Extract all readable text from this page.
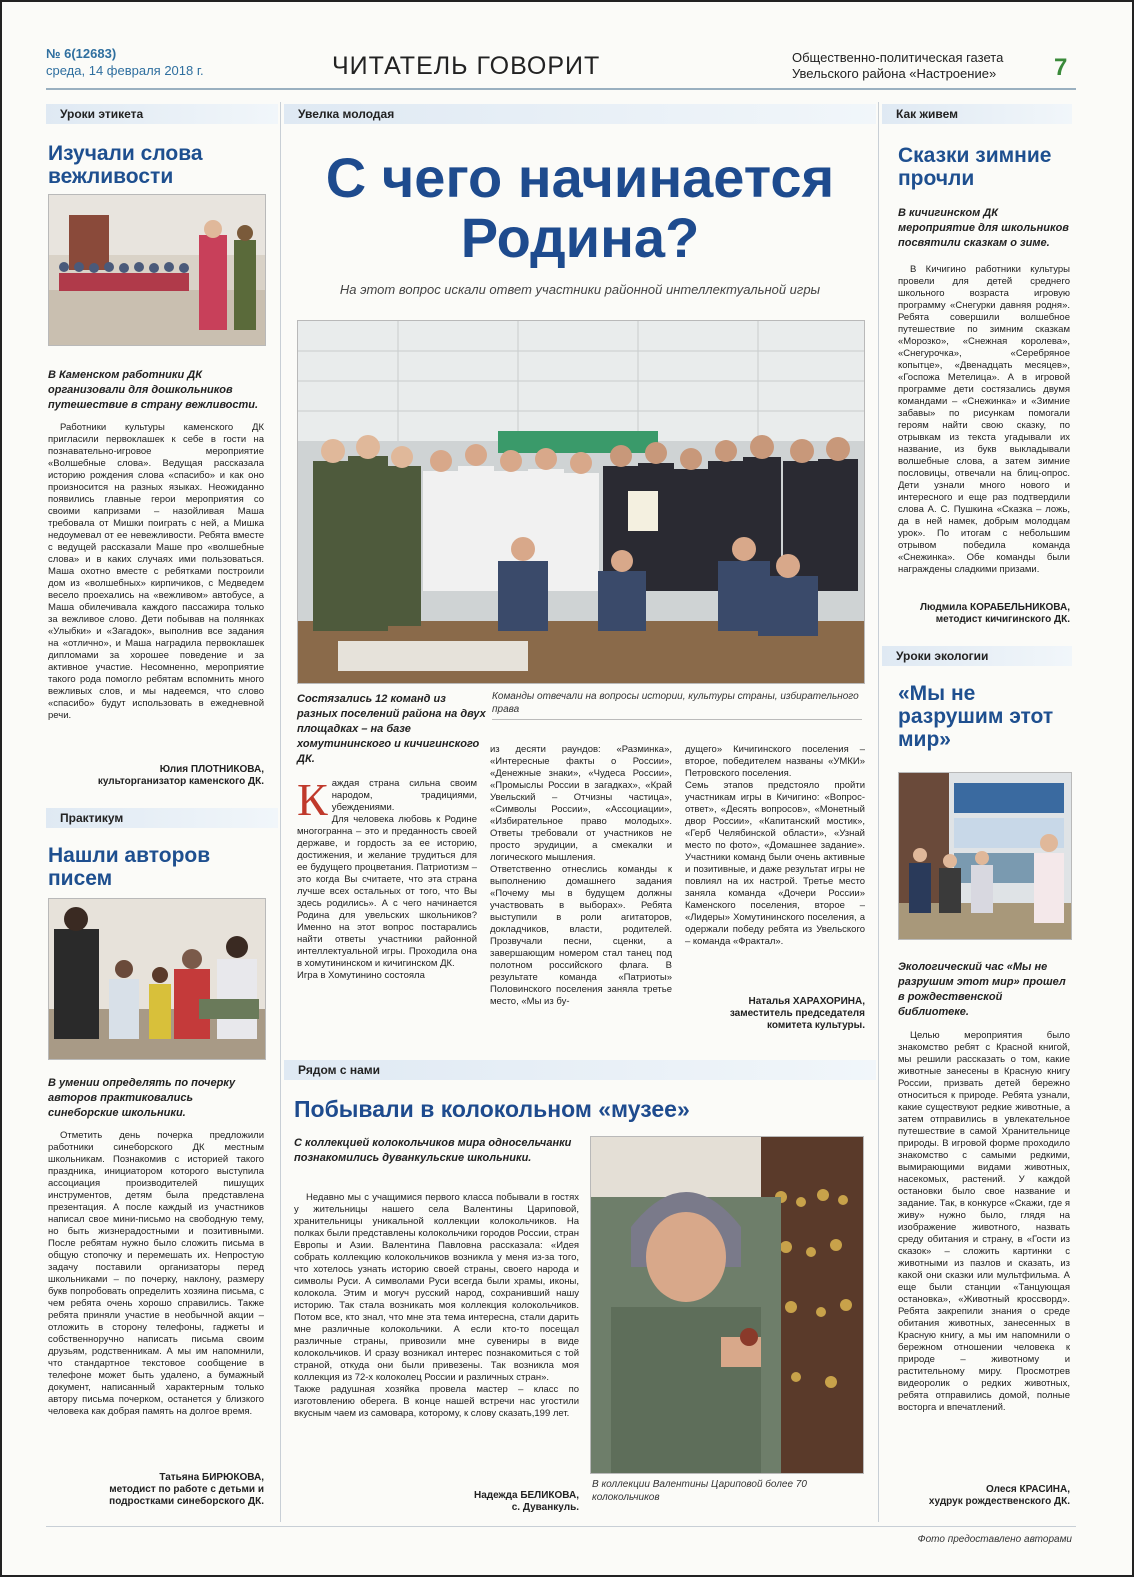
№ 6(12683)
среда, 14 февраля 2018 г.	ЧИТАТЕЛЬ ГОВОРИТ	Общественно-политическая газета
Увельского района «Настроение» 7
Уроки этикета
Изучали слова вежливости
В Каменском работники ДК организовали для дошкольников путешествие в страну вежливости.
Работники культуры каменского ДК пригласили первоклашек к себе в гости на познавательно-игровое мероприятие «Волшебные слова». Ведущая рассказала историю рождения слова «спасибо» и как оно произносится на разных языках. Неожиданно появились главные герои мероприятия со своими капризами – назойливая Маша требовала от Мишки поиграть с ней, а Мишка недоумевал от ее невежливости. Ребята вместе с ведущей рассказали Маше про «волшебные слова» и в каких случаях ими пользоваться. Маша охотно вместе с ребятками построили дом из «волшебных» кирпичиков, с Медведем весело проехались на «вежливом» автобусе, а Маша обилечивала каждого пассажира только за вежливое слово. Дети побывав на полянках «Улыбки» и «Загадок», выполнив все задания на «отлично», и Маша наградила первоклашек дипломами за хорошее поведение и за активное участие. Несомненно, мероприятие такого рода помогло ребятам вспомнить много вежливых слов, и мы надеемся, что слово «спасибо» будут использовать в ежедневной речи.
Юлия ПЛОТНИКОВА,
культорганизатор каменского ДК.
Практикум
Нашли авторов писем
В умении определять по почерку авторов практиковались синеборские школьники.
Отметить день почерка предложили работники синеборского ДК местным школьникам. Познакомив с историей такого праздника, инициатором которого выступила ассоциация производителей пишущих инструментов, детям была представлена презентация. А после каждый из участников написал свое мини-письмо на свободную тему, но быть жизнерадостными и позитивными. После ребятам нужно было сложить письма в общую стопочку и перемешать их. Непростую задачу поставили организаторы перед школьниками – по почерку, наклону, размеру букв попробовать определить хозяина письма, с чем ребята очень хорошо справились. Также ребята приняли участие в необычной акции – отложить в сторону телефоны, гаджеты и собственноручно написать письма своим друзьям, родственникам. А мы им напомнили, что стандартное текстовое сообщение в телефоне может быть удалено, а бумажный документ, написанный характерным только автору письма почерком, останется у близкого человека как добрая память на долгое время.
Татьяна БИРЮКОВА,
методист по работе с детьми и подростками синеборского ДК.
Увелка молодая
С чего начинается Родина?
На этот вопрос искали ответ участники районной интеллектуальной игры
Состязались 12 команд из разных поселений района на двух площадках – на базе хомутининского и кичигинского ДК.
Команды отвечали на вопросы истории, культуры страны, избирательного права
Каждая страна сильна своим народом, традициями, убеждениями.
Для человека любовь к Родине многогранна – это и преданность своей державе, и гордость за ее историю, достижения, и желание трудиться для ее будущего процветания. Патриотизм – это когда Вы считаете, что эта страна лучше всех остальных от того, что Вы здесь родились». А с чего начинается Родина для увельских школьников? Именно на этот вопрос постарались найти ответы участники районной интеллектуальной игры. Проходила она в хомутининском и кичигинском ДК.
Игра в Хомутинино состояла
из десяти раундов: «Разминка», «Интересные факты о России», «Денежные знаки», «Чудеса России», «Промыслы России в загадках», «Край Увельский – Отчизны частица», «Символы России», «Ассоциации», «Избирательное право молодых». Ответы требовали от участников не просто эрудиции, а смекалки и логического мышления.
Ответственно отнеслись команды к выполнению домашнего задания «Почему мы в будущем должны участвовать в выборах». Ребята выступили в роли агитаторов, докладчиков, власти, родителей. Прозвучали песни, сценки, а завершающим номером стал танец под полотном российского флага. В результате команда «Патриоты» Половинского поселения заняла третье место, «Мы из бу-
дущего» Кичигинского поселения – второе, победителем названы «УМКИ» Петровского поселения.
Семь этапов предстояло пройти участникам игры в Кичигино: «Вопрос-ответ», «Десять вопросов», «Монетный двор России», «Капитанский мостик», «Герб Челябинской области», «Узнай место по фото», «Домашнее задание». Участники команд были очень активные и позитивные, и даже результат игры не повлиял на их настрой. Третье место заняла команда «Дочери России» Каменского поселения, второе – «Лидеры» Хомутининского поселения, а одержали победу ребята из Увельского – команда «Фрактал».
Наталья ХАРАХОРИНА,
заместитель председателя комитета культуры.
Рядом с нами
Побывали в колокольном «музее»
С коллекцией колокольчиков мира односельчанки познакомились дуванкульские школьники.
Недавно мы с учащимися первого класса побывали в гостях у жительницы нашего села Валентины Цариповой, хранительницы уникальной коллекции колокольчиков. На полках были представлены колокольчики городов России, стран Европы и Азии. Валентина Павловна рассказала: «Идея собрать коллекцию колокольчиков возникла у меня из-за того, что хотелось узнать историю своей страны, своего народа и символы Руси. А символами Руси всегда были храмы, иконы, колокола. Этим и могуч русский народ, сохранивший нашу историю. Так стала возникать моя коллекция колокольчиков. Потом все, кто знал, что мне эта тема интересна, стали дарить мне различные колокольчики. А если кто-то посещал различные страны, привозили мне сувениры в виде колокольчиков. И сразу возникал интерес познакомиться с той страной, откуда они были привезены. Так возникла моя коллекция из 72-х колоколец России и различных стран».
Также радушная хозяйка провела мастер – класс по изготовлению оберега. В конце нашей встречи нас угостили вкусным чаем из самовара, которому, к слову сказать,199 лет.
Надежда БЕЛИКОВА,
с. Дуванкуль.
В коллекции Валентины Цариповой более 70 колокольчиков
Как живем
Сказки зимние прочли
В кичигинском ДК мероприятие для школьников посвятили сказкам о зиме.
В Кичигино работники культуры провели для детей среднего школьного возраста игровую программу «Снегурки давняя родня». Ребята совершили волшебное путешествие по зимним сказкам «Морозко», «Снежная королева», «Снегурочка», «Серебряное копытце», «Двенадцать месяцев», «Госпожа Метелица». А в игровой программе дети состязались двумя командами – «Снежинка» и «Зимние забавы» по рисункам помогали героям найти свою сказку, по отрывкам из текста угадывали их название, из букв выкладывали волшебные слова, а затем зимние пословицы, отвечали на блиц-опрос. Дети узнали много нового и интересного и еще раз подтвердили слова А. С. Пушкина «Сказка – ложь, да в ней намек, добрым молодцам урок». По итогам с небольшим отрывом победила команда «Снежинка». Обе команды были награждены сладкими призами.
Людмила КОРАБЕЛЬНИКОВА,
методист кичигинского ДК.
Уроки экологии
«Мы не разрушим этот мир»
Экологический час «Мы не разрушим этот мир» прошел в рождественской библиотеке.
Целью мероприятия было знакомство ребят с Красной книгой, мы решили рассказать о том, какие животные занесены в Красную книгу России, призвать детей бережно относиться к природе. Ребята узнали, какие существуют редкие животные, а затем отправились в увлекательное путешествие в самой Хранительнице природы. В игровой форме проходило знакомство с самыми редкими, вымирающими видами животных, насекомых, растений. У каждой остановки было свое название и задание. Так, в конкурсе «Скажи, где я живу» нужно было, глядя на изображение животного, назвать среду обитания и страну, в «Гости из сказок» – сложить картинки с животными из пазлов и сказать, из какой они сказки или мультфильма. А еще были станции «Танцующая остановка», «Животный кроссворд». Ребята закрепили знания о среде обитания животных, занесенных в Красную книгу, а мы им напомнили о бережном отношении человека к природе – животному и растительному миру. Просмотрев видеоролик о редких животных, ребята отправились домой, полные восторга и впечатлений.
Олеся КРАСИНА,
худрук рождественского ДК.
Фото предоставлено авторами
